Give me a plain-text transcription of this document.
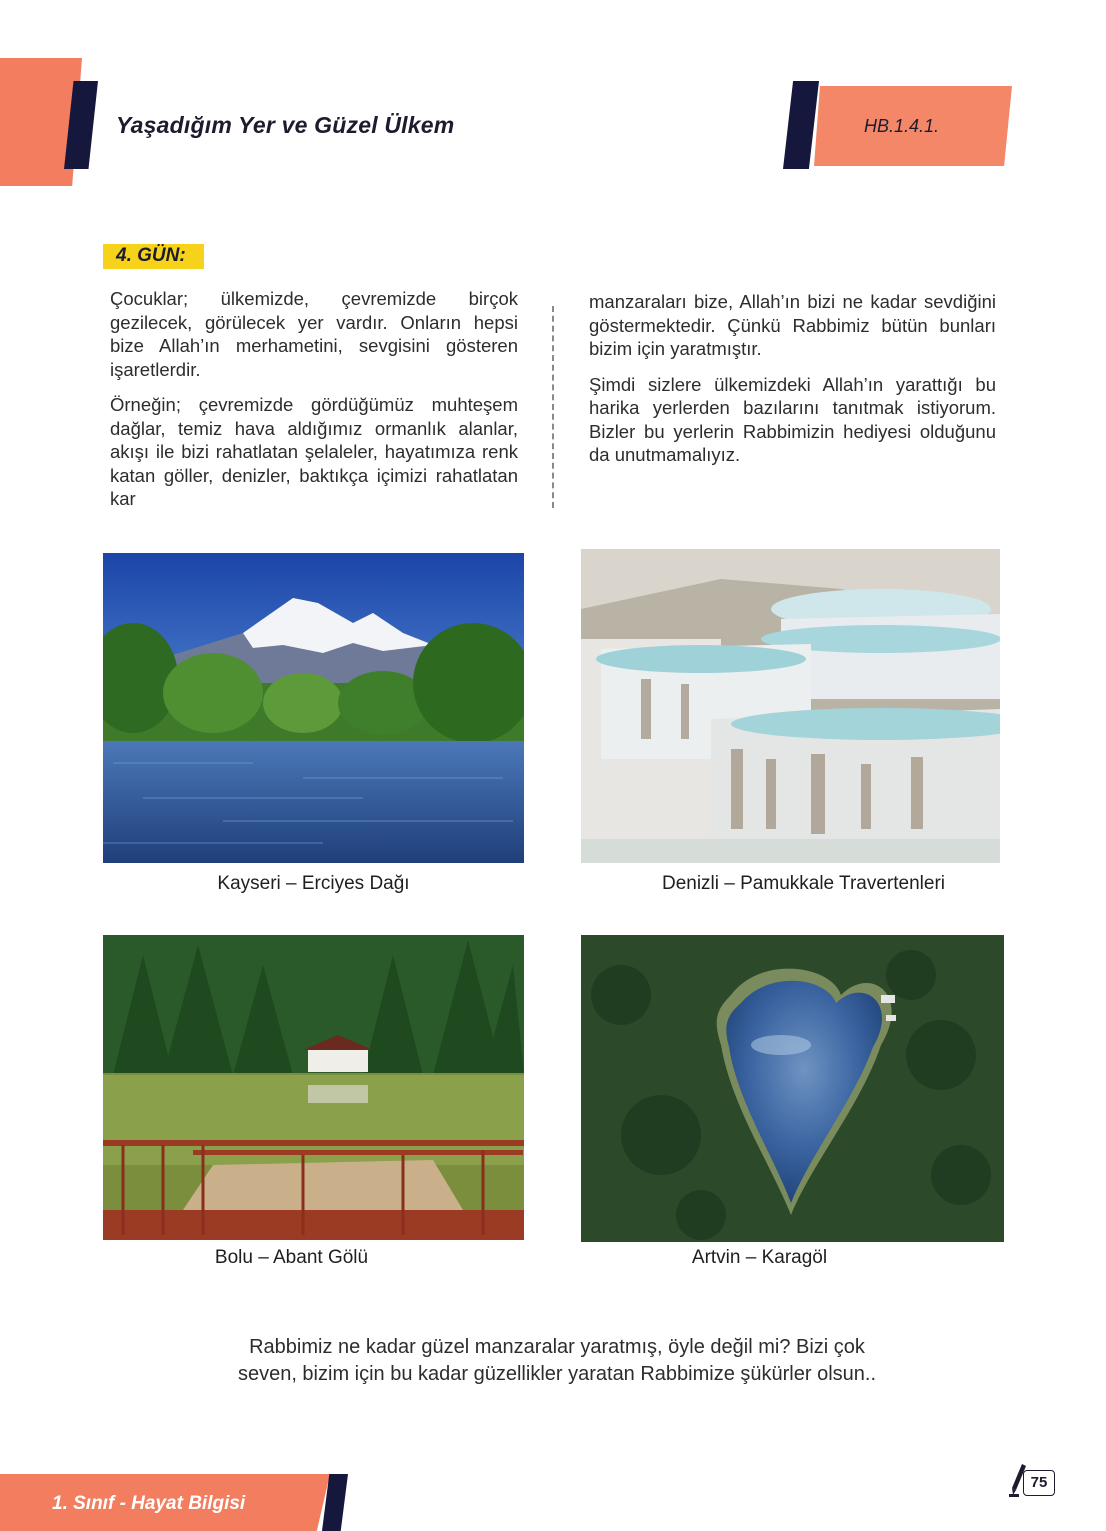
Yaşadığım Yer ve Güzel Ülkem	HB.1.4.1.
4. GÜN:

Çocuklar; ülkemizde, çevremizde birçok gezilecek, görülecek yer vardır. Onların hepsi bize Allah’ın merhametini, sevgisini gösteren işaretlerdir.

Örneğin; çevremizde gördüğümüz muhteşem dağlar, temiz hava aldığımız ormanlık alanlar, akışı ile bizi rahatlatan şelaleler, hayatımıza renk katan göller, denizler, baktıkça içimizi rahatlatan kar

manzaraları bize, Allah’ın bizi ne kadar sevdiğini göstermektedir. Çünkü Rabbimiz bütün bunları bizim için yaratmıştır.

Şimdi sizlere ülkemizdeki Allah’ın yarattığı bu harika yerlerden bazılarını tanıtmak istiyorum. Bizler bu yerlerin Rabbimizin hediyesi olduğunu da unutmamalıyız.

Kayseri – Erciyes Dağı	Denizli – Pamukkale Travertenleri
Bolu – Abant Gölü	Artvin – Karagöl
Rabbimiz ne kadar güzel manzaralar yaratmış, öyle değil mi? Bizi çok
seven, bizim için bu kadar güzellikler yaratan Rabbimize şükürler olsun..
1. Sınıf - Hayat Bilgisi
75
